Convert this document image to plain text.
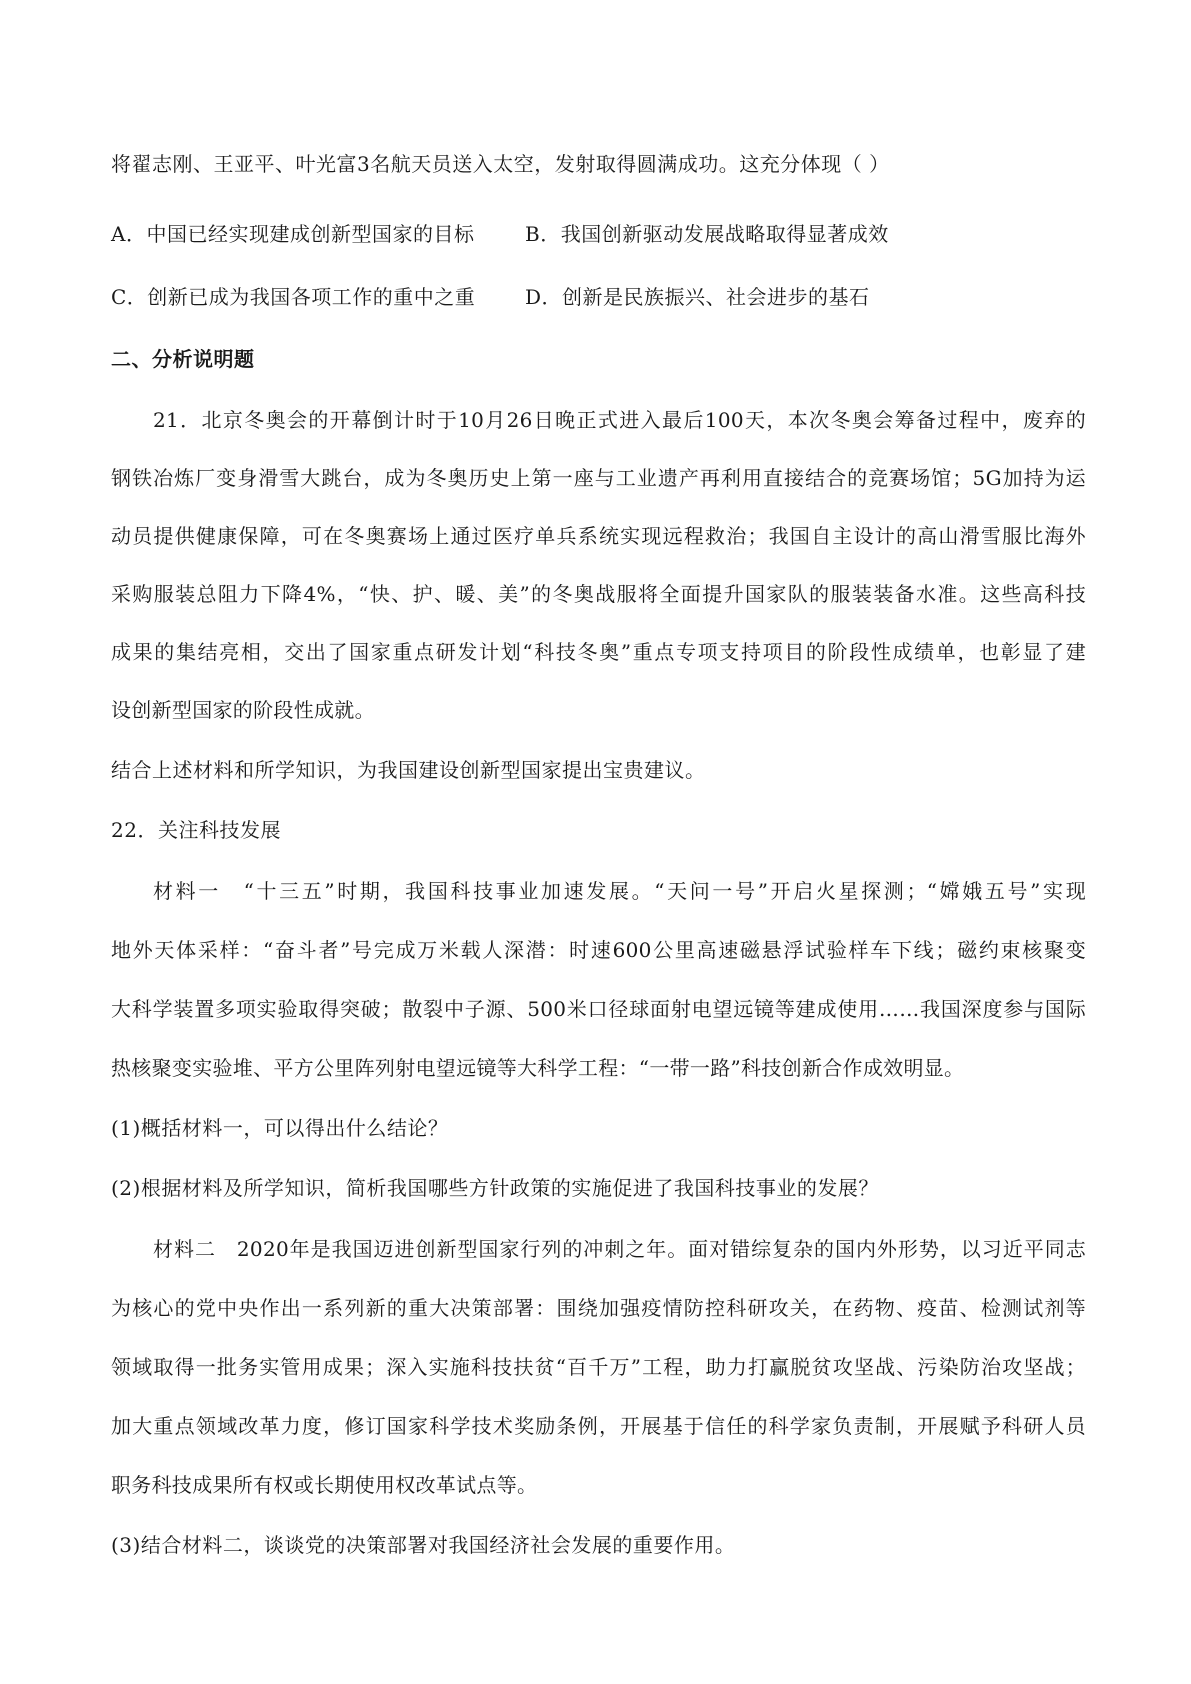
将翟志刚、王亚平、叶光富3名航天员送入太空，发射取得圆满成功。这充分体现（ ）
A．中国已经实现建成创新型国家的目标	B．我国创新驱动发展战略取得显著成效
C．创新已成为我国各项工作的重中之重 D．创新是民族振兴、社会进步的基石
二、分析说明题
21．北京冬奥会的开幕倒计时于10月26日晚正式进入最后100天，本次冬奥会筹备过程中，废弃的
钢铁冶炼厂变身滑雪大跳台，成为冬奥历史上第一座与工业遗产再利用直接结合的竞赛场馆；5G加持为运
动员提供健康保障，可在冬奥赛场上通过医疗单兵系统实现远程救治；我国自主设计的高山滑雪服比海外
采购服装总阻力下降4%，“快、护、暖、美”的冬奥战服将全面提升国家队的服装装备水准。这些高科技
成果的集结亮相，交出了国家重点研发计划“科技冬奥”重点专项支持项目的阶段性成绩单，也彰显了建
设创新型国家的阶段性成就。
结合上述材料和所学知识，为我国建设创新型国家提出宝贵建议。
22．关注科技发展
材料一　“十三五”时期，我国科技事业加速发展。“天问一号”开启火星探测；“嫦娥五号”实现
地外天体采样：“奋斗者”号完成万米载人深潜：时速600公里高速磁悬浮试验样车下线；磁约束核聚变
大科学装置多项实验取得突破；散裂中子源、500米口径球面射电望远镜等建成使用……我国深度参与国际
热核聚变实验堆、平方公里阵列射电望远镜等大科学工程：“一带一路”科技创新合作成效明显。
(1)概括材料一，可以得出什么结论？
(2)根据材料及所学知识，简析我国哪些方针政策的实施促进了我国科技事业的发展？
材料二　2020年是我国迈进创新型国家行列的冲刺之年。面对错综复杂的国内外形势，以习近平同志
为核心的党中央作出一系列新的重大决策部署：围绕加强疫情防控科研攻关，在药物、疫苗、检测试剂等
领域取得一批务实管用成果；深入实施科技扶贫“百千万”工程，助力打赢脱贫攻坚战、污染防治攻坚战；
加大重点领域改革力度，修订国家科学技术奖励条例，开展基于信任的科学家负责制，开展赋予科研人员
职务科技成果所有权或长期使用权改革试点等。
(3)结合材料二，谈谈党的决策部署对我国经济社会发展的重要作用。
